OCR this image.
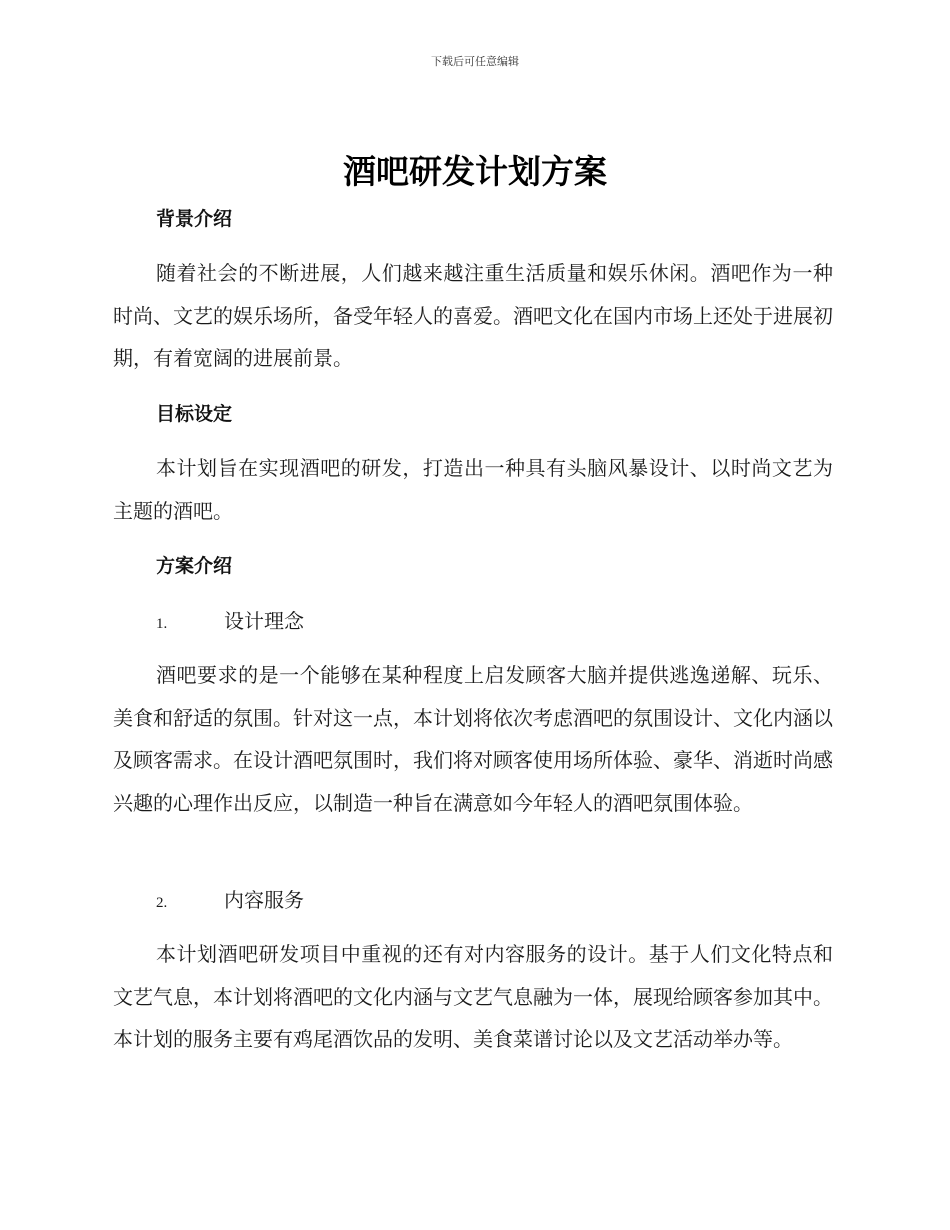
下载后可任意编辑
酒吧研发计划方案
背景介绍
随着社会的不断进展，人们越来越注重生活质量和娱乐休闲。酒吧作为一种时尚、文艺的娱乐场所，备受年轻人的喜爱。酒吧文化在国内市场上还处于进展初期，有着宽阔的进展前景。
目标设定
本计划旨在实现酒吧的研发，打造出一种具有头脑风暴设计、以时尚文艺为主题的酒吧。
方案介绍
1.	设计理念
酒吧要求的是一个能够在某种程度上启发顾客大脑并提供逃逸递解、玩乐、美食和舒适的氛围。针对这一点，本计划将依次考虑酒吧的氛围设计、文化内涵以及顾客需求。在设计酒吧氛围时，我们将对顾客使用场所体验、豪华、消逝时尚感兴趣的心理作出反应，以制造一种旨在满意如今年轻人的酒吧氛围体验。
2.	内容服务
本计划酒吧研发项目中重视的还有对内容服务的设计。基于人们文化特点和文艺气息，本计划将酒吧的文化内涵与文艺气息融为一体，展现给顾客参加其中。本计划的服务主要有鸡尾酒饮品的发明、美食菜谱讨论以及文艺活动举办等。
